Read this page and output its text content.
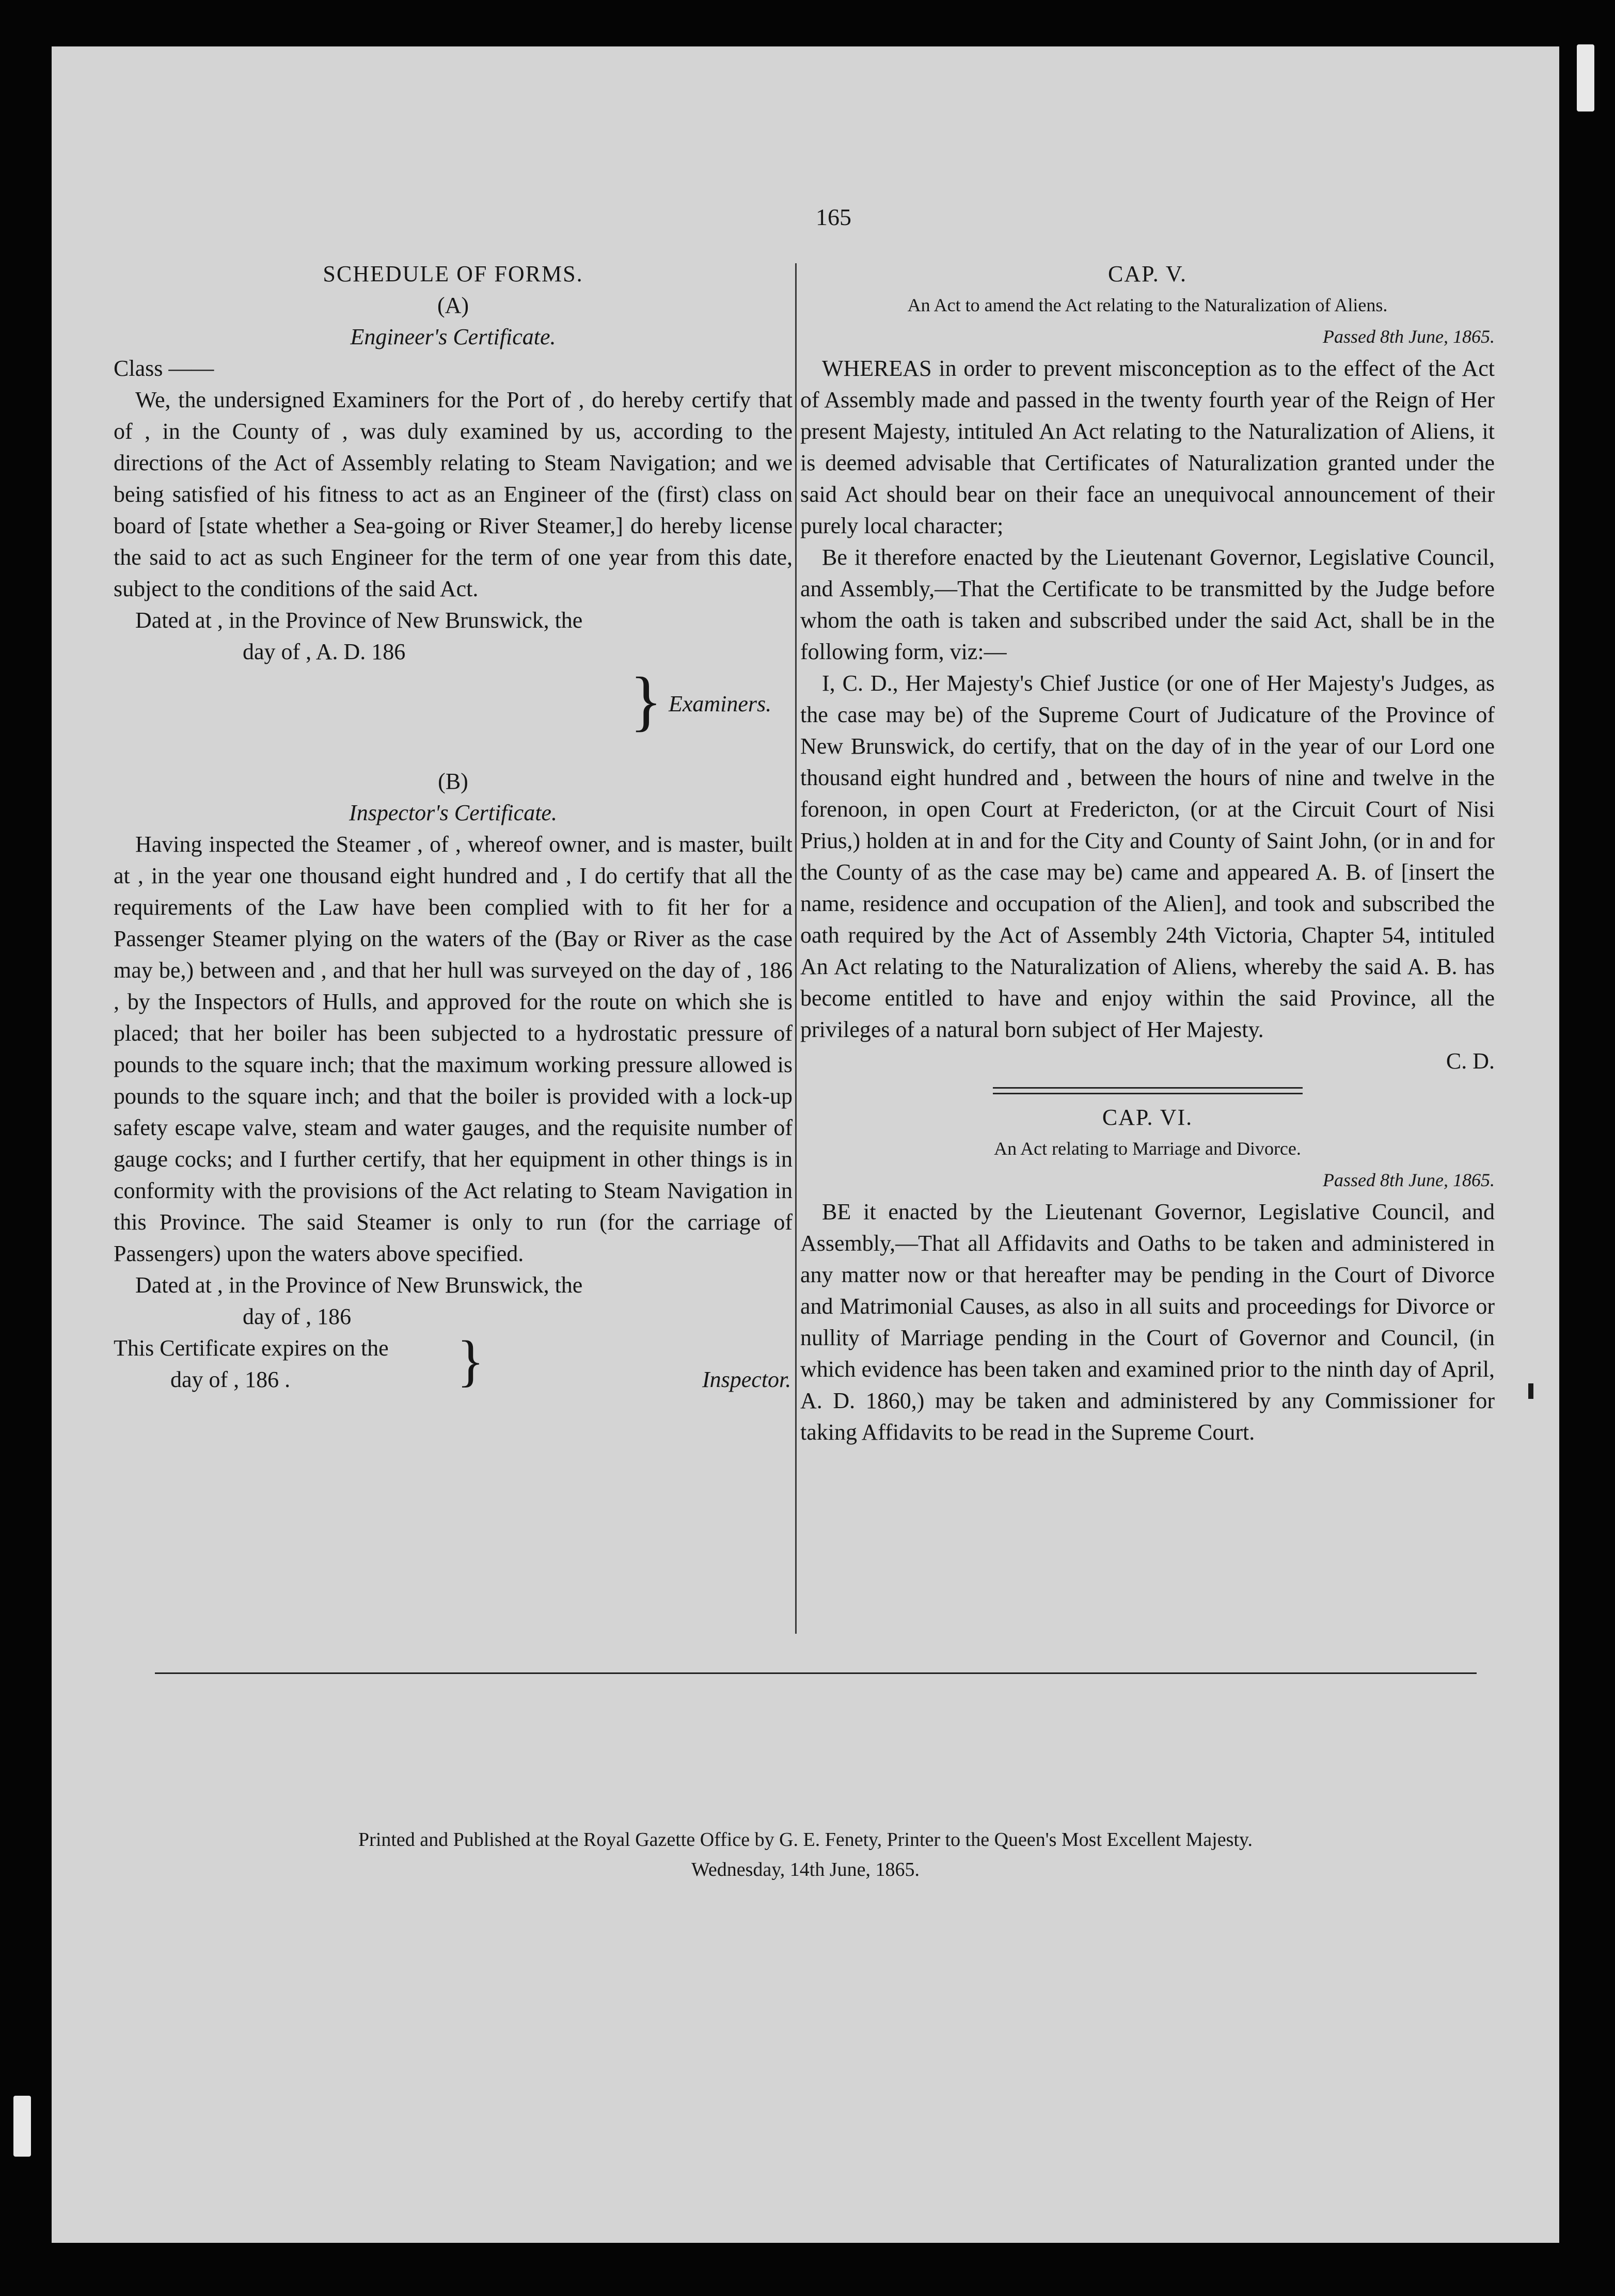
165

SCHEDULE OF FORMS.

(A)

Engineer's Certificate.

Class ——

We, the undersigned Examiners for the Port of , do hereby certify that of , in the County of , was duly examined by us, according to the directions of the Act of Assembly relating to Steam Navigation; and we being satisfied of his fitness to act as an Engineer of the (first) class on board of [state whether a Sea-going or River Steamer,] do hereby license the said to act as such Engineer for the term of one year from this date, subject to the conditions of the said Act.

Dated at , in the Province of New Brunswick, the

day of , A. D. 186

} Examiners.

(B)

Inspector's Certificate.

Having inspected the Steamer , of , whereof owner, and is master, built at , in the year one thousand eight hundred and , I do certify that all the requirements of the Law have been complied with to fit her for a Passenger Steamer plying on the waters of the (Bay or River as the case may be,) between and , and that her hull was surveyed on the day of , 186 , by the Inspectors of Hulls, and approved for the route on which she is placed; that her boiler has been subjected to a hydrostatic pressure of pounds to the square inch; that the maximum working pressure allowed is pounds to the square inch; and that the boiler is provided with a lock-up safety escape valve, steam and water gauges, and the requisite number of gauge cocks; and I further certify, that her equipment in other things is in conformity with the provisions of the Act relating to Steam Navigation in this Province. The said Steamer is only to run (for the carriage of Passengers) upon the waters above specified.

Dated at , in the Province of New Brunswick, the

day of , 186

This Certificate expires on the

day of , 186 .	}	Inspector.

CAP. V.

An Act to amend the Act relating to the Naturalization of Aliens.

Passed 8th June, 1865.

WHEREAS in order to prevent misconception as to the effect of the Act of Assembly made and passed in the twenty fourth year of the Reign of Her present Majesty, intituled An Act relating to the Naturalization of Aliens, it is deemed advisable that Certificates of Naturalization granted under the said Act should bear on their face an unequivocal announcement of their purely local character;

Be it therefore enacted by the Lieutenant Governor, Legislative Council, and Assembly,—That the Certificate to be transmitted by the Judge before whom the oath is taken and subscribed under the said Act, shall be in the following form, viz:—

I, C. D., Her Majesty's Chief Justice (or one of Her Majesty's Judges, as the case may be) of the Supreme Court of Judicature of the Province of New Brunswick, do certify, that on the day of in the year of our Lord one thousand eight hundred and , between the hours of nine and twelve in the forenoon, in open Court at Fredericton, (or at the Circuit Court of Nisi Prius,) holden at in and for the City and County of Saint John, (or in and for the County of as the case may be) came and appeared A. B. of [insert the name, residence and occupation of the Alien], and took and subscribed the oath required by the Act of Assembly 24th Victoria, Chapter 54, intituled An Act relating to the Naturalization of Aliens, whereby the said A. B. has become entitled to have and enjoy within the said Province, all the privileges of a natural born subject of Her Majesty.

C. D.

CAP. VI.

An Act relating to Marriage and Divorce.

Passed 8th June, 1865.

BE it enacted by the Lieutenant Governor, Legislative Council, and Assembly,—That all Affidavits and Oaths to be taken and administered in any matter now or that hereafter may be pending in the Court of Divorce and Matrimonial Causes, as also in all suits and proceedings for Divorce or nullity of Marriage pending in the Court of Governor and Council, (in which evidence has been taken and examined prior to the ninth day of April, A. D. 1860,) may be taken and administered by any Commissioner for taking Affidavits to be read in the Supreme Court.

Printed and Published at the Royal Gazette Office by G. E. Fenety, Printer to the Queen's Most Excellent Majesty.

Wednesday, 14th June, 1865.
